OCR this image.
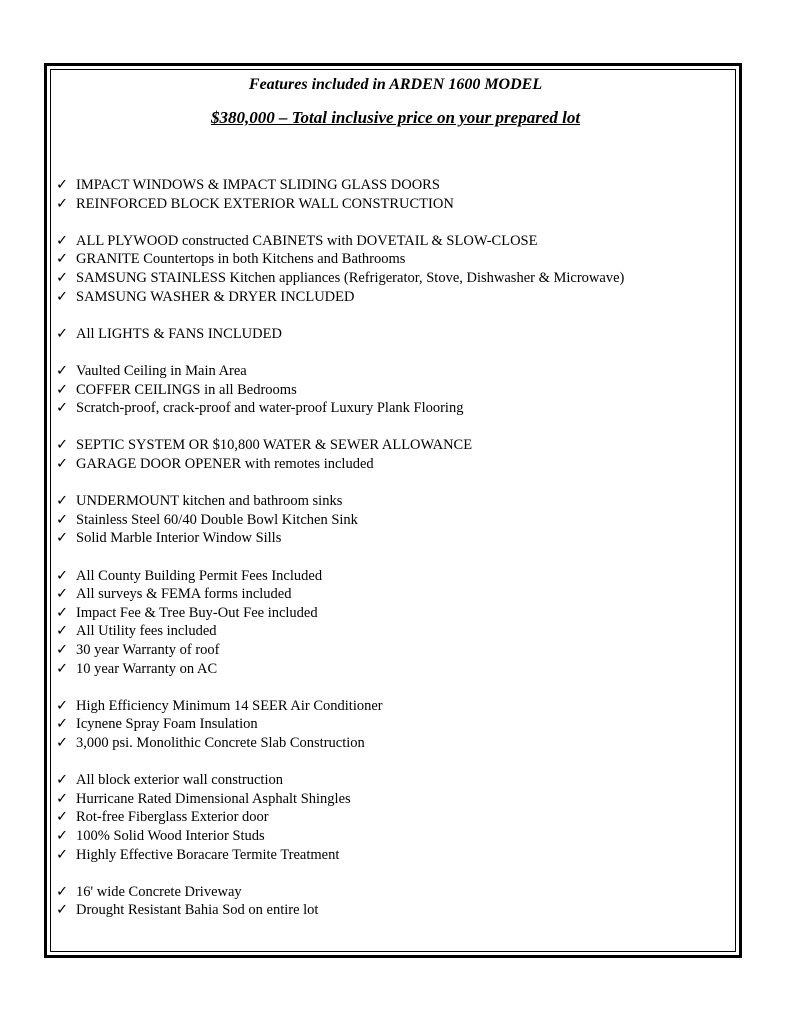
Features included in ARDEN 1600 MODEL
$380,000 – Total inclusive price on your prepared lot
✓ IMPACT WINDOWS & IMPACT SLIDING GLASS DOORS
✓ REINFORCED BLOCK EXTERIOR WALL CONSTRUCTION
✓ ALL PLYWOOD constructed CABINETS with DOVETAIL & SLOW-CLOSE
✓ GRANITE Countertops in both Kitchens and Bathrooms
✓ SAMSUNG STAINLESS Kitchen appliances (Refrigerator, Stove, Dishwasher & Microwave)
✓ SAMSUNG WASHER & DRYER INCLUDED
✓ All LIGHTS & FANS INCLUDED
✓ Vaulted Ceiling in Main Area
✓ COFFER CEILINGS in all Bedrooms
✓ Scratch-proof, crack-proof and water-proof Luxury Plank Flooring
✓ SEPTIC SYSTEM OR $10,800 WATER & SEWER ALLOWANCE
✓ GARAGE DOOR OPENER with remotes included
✓ UNDERMOUNT kitchen and bathroom sinks
✓ Stainless Steel 60/40 Double Bowl Kitchen Sink
✓ Solid Marble Interior Window Sills
✓ All County Building Permit Fees Included
✓ All surveys & FEMA forms included
✓ Impact Fee & Tree Buy-Out Fee included
✓ All Utility fees included
✓ 30 year Warranty of roof
✓ 10 year Warranty on AC
✓ High Efficiency Minimum 14 SEER Air Conditioner
✓ Icynene Spray Foam Insulation
✓ 3,000 psi. Monolithic Concrete Slab Construction
✓ All block exterior wall construction
✓ Hurricane Rated Dimensional Asphalt Shingles
✓ Rot-free Fiberglass Exterior door
✓ 100% Solid Wood Interior Studs
✓ Highly Effective Boracare Termite Treatment
✓ 16' wide Concrete Driveway
✓ Drought Resistant Bahia Sod on entire lot
